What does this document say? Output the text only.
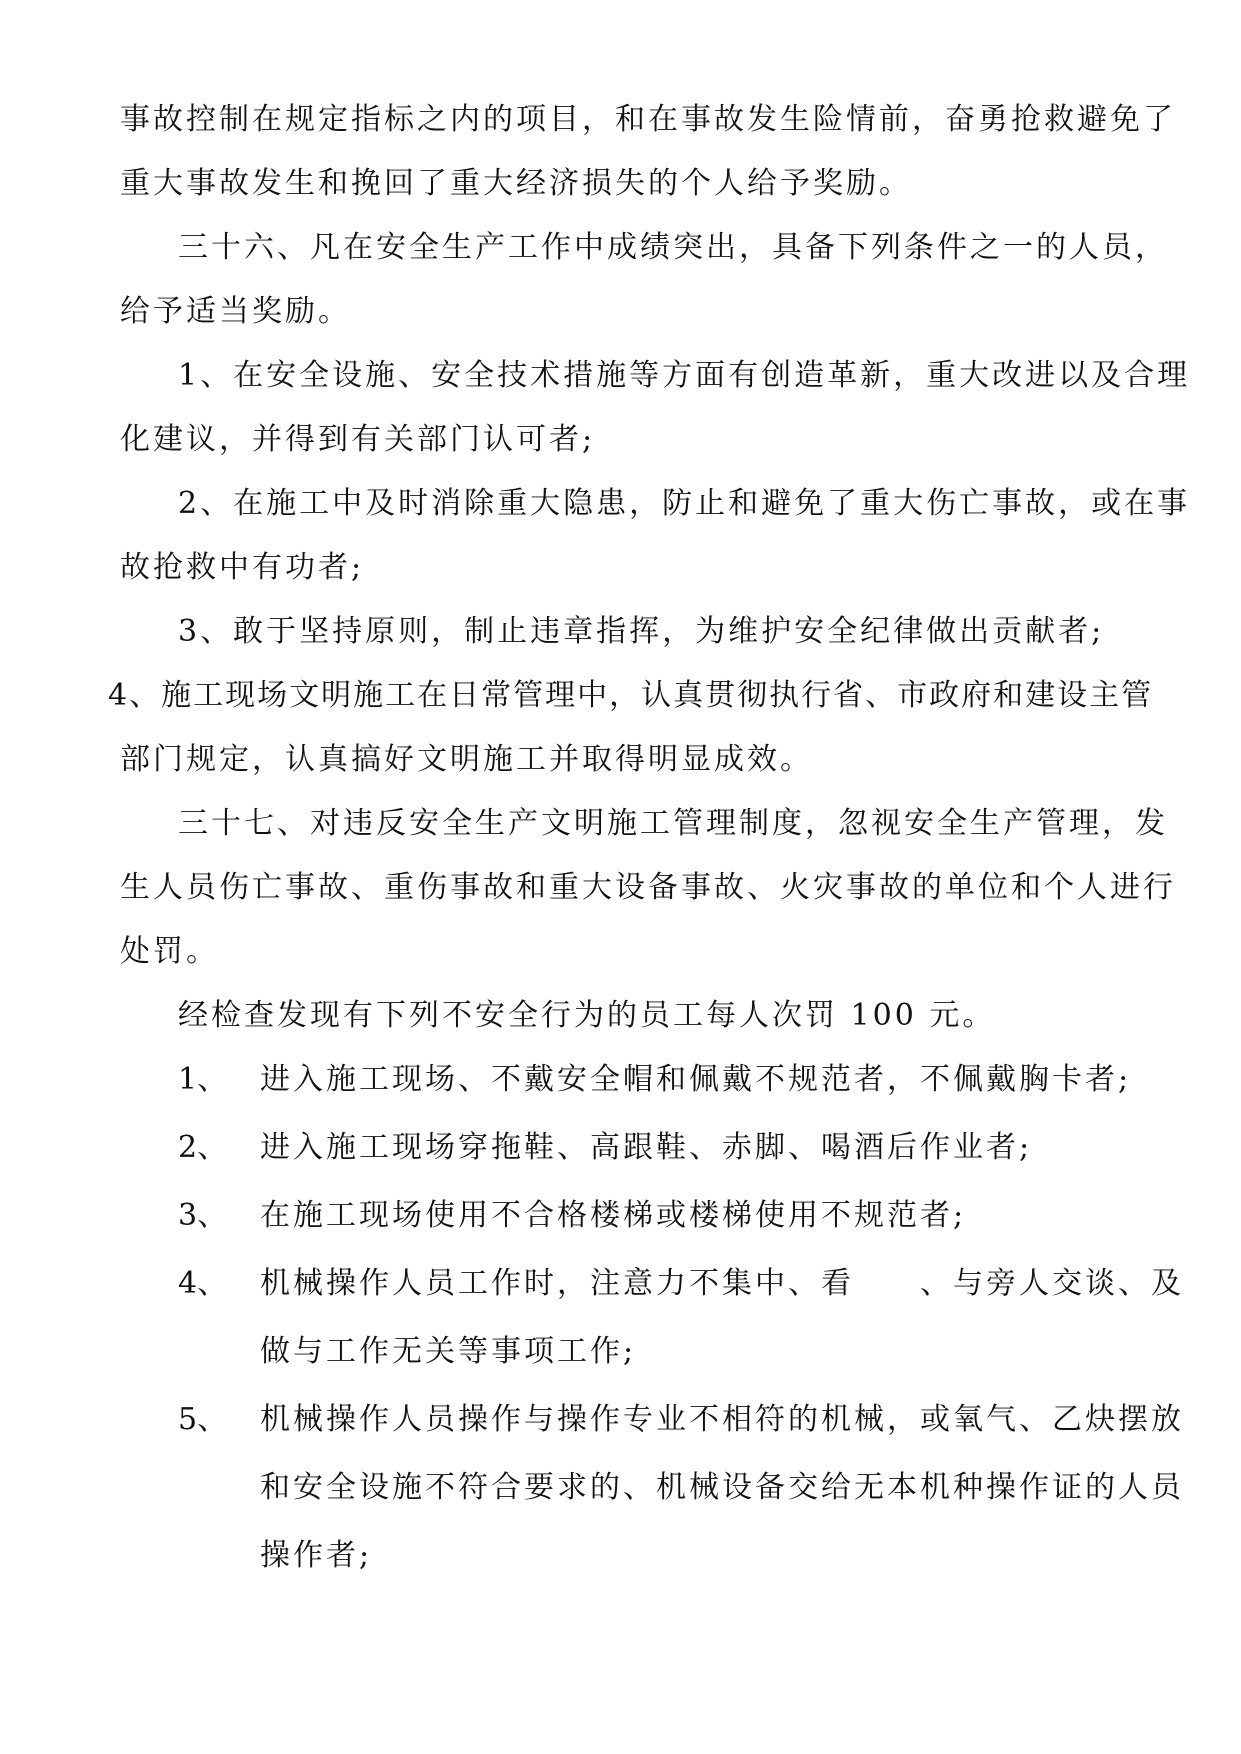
事故控制在规定指标之内的项目，和在事故发生险情前，奋勇抢救避免了
重大事故发生和挽回了重大经济损失的个人给予奖励。
三十六、凡在安全生产工作中成绩突出，具备下列条件之一的人员，
给予适当奖励。
1、在安全设施、安全技术措施等方面有创造革新，重大改进以及合理
化建议，并得到有关部门认可者;
2、在施工中及时消除重大隐患，防止和避免了重大伤亡事故，或在事
故抢救中有功者;
3、敢于坚持原则，制止违章指挥，为维护安全纪律做出贡献者;
4、施工现场文明施工在日常管理中，认真贯彻执行省、市政府和建设主管
部门规定，认真搞好文明施工并取得明显成效。
三十七、对违反安全生产文明施工管理制度，忽视安全生产管理，发
生人员伤亡事故、重伤事故和重大设备事故、火灾事故的单位和个人进行
处罚。
经检查发现有下列不安全行为的员工每人次罚 100 元。
1、 进入施工现场、不戴安全帽和佩戴不规范者，不佩戴胸卡者;
2、 进入施工现场穿拖鞋、高跟鞋、赤脚、喝酒后作业者;
3、 在施工现场使用不合格楼梯或楼梯使用不规范者;
4、 机械操作人员工作时，注意力不集中、看　　、与旁人交谈、及
做与工作无关等事项工作;
5、 机械操作人员操作与操作专业不相符的机械，或氧气、乙炔摆放
和安全设施不符合要求的、机械设备交给无本机种操作证的人员
操作者;
